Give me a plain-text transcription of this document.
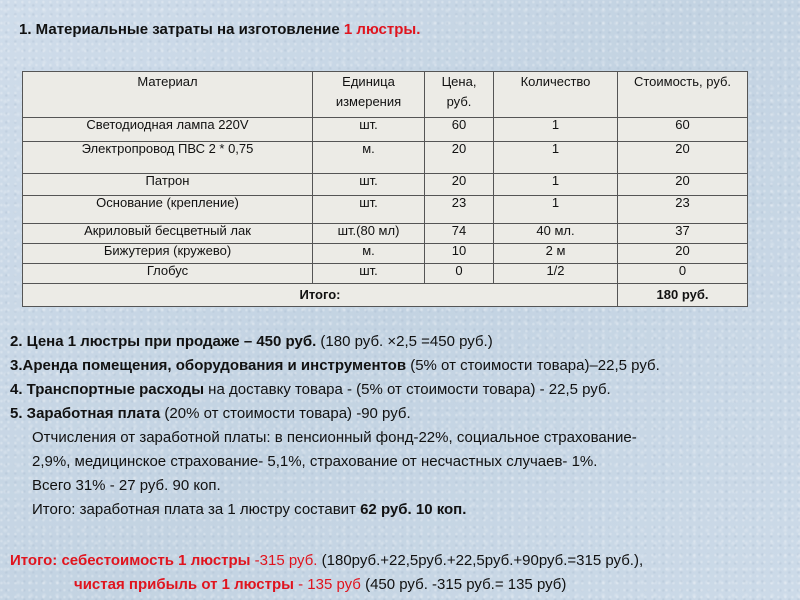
1. Материальные затраты на изготовление 1 люстры.
Материал	Единица измерения	Цена, руб.	Количество	Стоимость, руб.
Светодиодная лампа 220V	шт.	60	1	60
Электропровод ПВС 2 * 0,75	м.	20	1	20
Патрон	шт.	20	1	20
Основание (крепление)	шт.	23	1	23
Акриловый бесцветный лак	шт.(80 мл)	74	40 мл.	37
Бижутерия (кружево)	м.	10	2 м	20
Глобус	шт.	0	1/2	0
Итого:				180 руб.
2. Цена 1 люстры при продаже – 450 руб. (180 руб. ×2,5 =450 руб.)
3.Аренда помещения, оборудования и инструментов (5% от стоимости товара)–22,5 руб.
4. Транспортные расходы на доставку товара - (5% от стоимости товара) - 22,5 руб.
5. Заработная плата (20% от стоимости товара) -90 руб.
Отчисления от заработной платы: в пенсионный фонд-22%, социальное страхование-
2,9%, медицинское страхование- 5,1%, страхование от несчастных случаев- 1%.
Всего 31% - 27 руб. 90 коп.
Итого: заработная плата за 1 люстру составит 62 руб. 10 коп.
Итого: себестоимость 1 люстры -315 руб. (180руб.+22,5руб.+22,5руб.+90руб.=315 руб.),
чистая прибыль от 1 люстры - 135 руб (450 руб. -315 руб.= 135 руб)
